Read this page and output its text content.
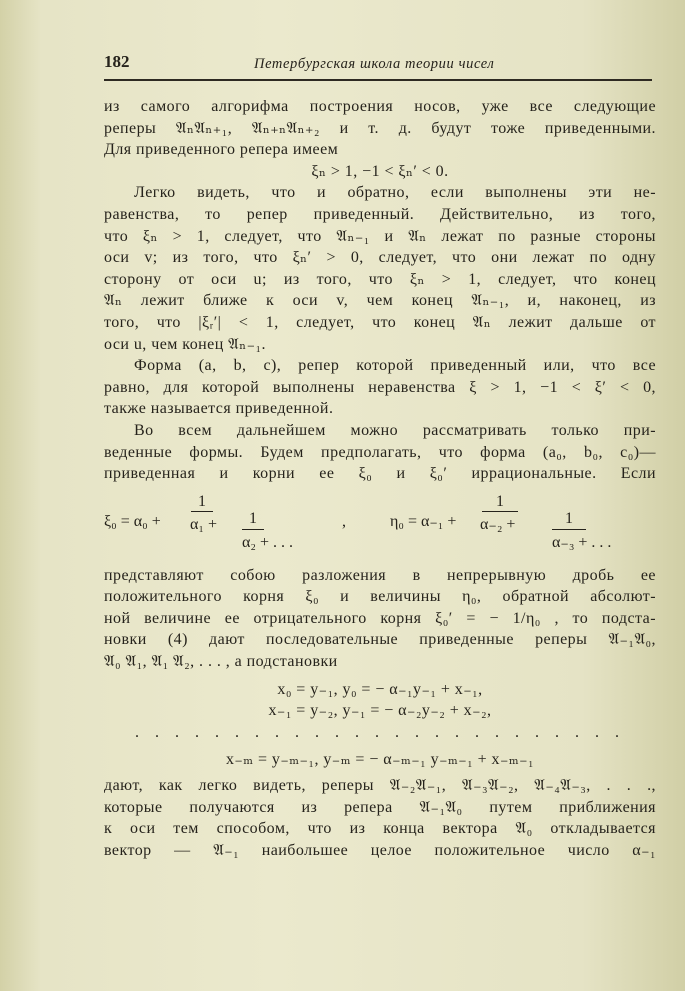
182	Петербургская школа теории чисел
из самого алгорифма построения носов, уже все следующие
реперы 𝔄ₙ𝔄ₙ₊₁, 𝔄ₙ₊ₙ𝔄ₙ₊₂ и т. д. будут тоже приведенными.
Для приведенного репера имеем
ξₙ > 1, −1 < ξₙ′ < 0.
Легко видеть, что и обратно, если выполнены эти не-
равенства, то репер приведенный. Действительно, из того,
что ξₙ > 1, следует, что 𝔄ₙ₋₁ и 𝔄ₙ лежат по разные стороны
оси v; из того, что ξₙ′ > 0, следует, что они лежат по одну
сторону от оси u; из того, что ξₙ > 1, следует, что конец
𝔄ₙ лежит ближе к оси v, чем конец 𝔄ₙ₋₁, и, наконец, из
того, что |ξᵣ′| < 1, следует, что конец 𝔄ₙ лежит дальше от
оси u, чем конец 𝔄ₙ₋₁.
Форма (a, b, c), репер которой приведенный или, что все
равно, для которой выполнены неравенства ξ > 1, −1 < ξ′ < 0,
также называется приведенной.
Во всем дальнейшем можно рассматривать только при-
веденные формы. Будем предполагать, что форма (a₀, b₀, c₀)—
приведенная и корни ее ξ₀ и ξ₀′ иррациональные. Если
ξ₀ = α₀ +
1
α₁ + 1
α₂ + . . .
,	η₀ = α₋₁ +
1
α₋₂ +	1
α₋₃ + . . .
представляют собою разложения в непрерывную дробь ее
положительного корня ξ₀ и величины η₀, обратной абсолют-
ной величине ее отрицательного корня ξ₀′ = − 1/η₀ , то подста-
новки (4) дают последовательные приведенные реперы 𝔄₋₁𝔄₀,
𝔄₀ 𝔄₁, 𝔄₁ 𝔄₂, . . . , а подстановки
x₀ = y₋₁, y₀ = − α₋₁y₋₁ + x₋₁,
x₋₁ = y₋₂, y₋₁ = − α₋₂y₋₂ + x₋₂,
. . . . . . . . . . . . . . . . . . . . . . . . .
x₋ₘ = y₋ₘ₋₁, y₋ₘ = − α₋ₘ₋₁ y₋ₘ₋₁ + x₋ₘ₋₁
дают, как легко видеть, реперы 𝔄₋₂𝔄₋₁, 𝔄₋₃𝔄₋₂, 𝔄₋₄𝔄₋₃, . . .,
которые получаются из репера 𝔄₋₁𝔄₀ путем приближения
к оси тем способом, что из конца вектора 𝔄₀ откладывается
вектор — 𝔄₋₁ наибольшее целое положительное число α₋₁
